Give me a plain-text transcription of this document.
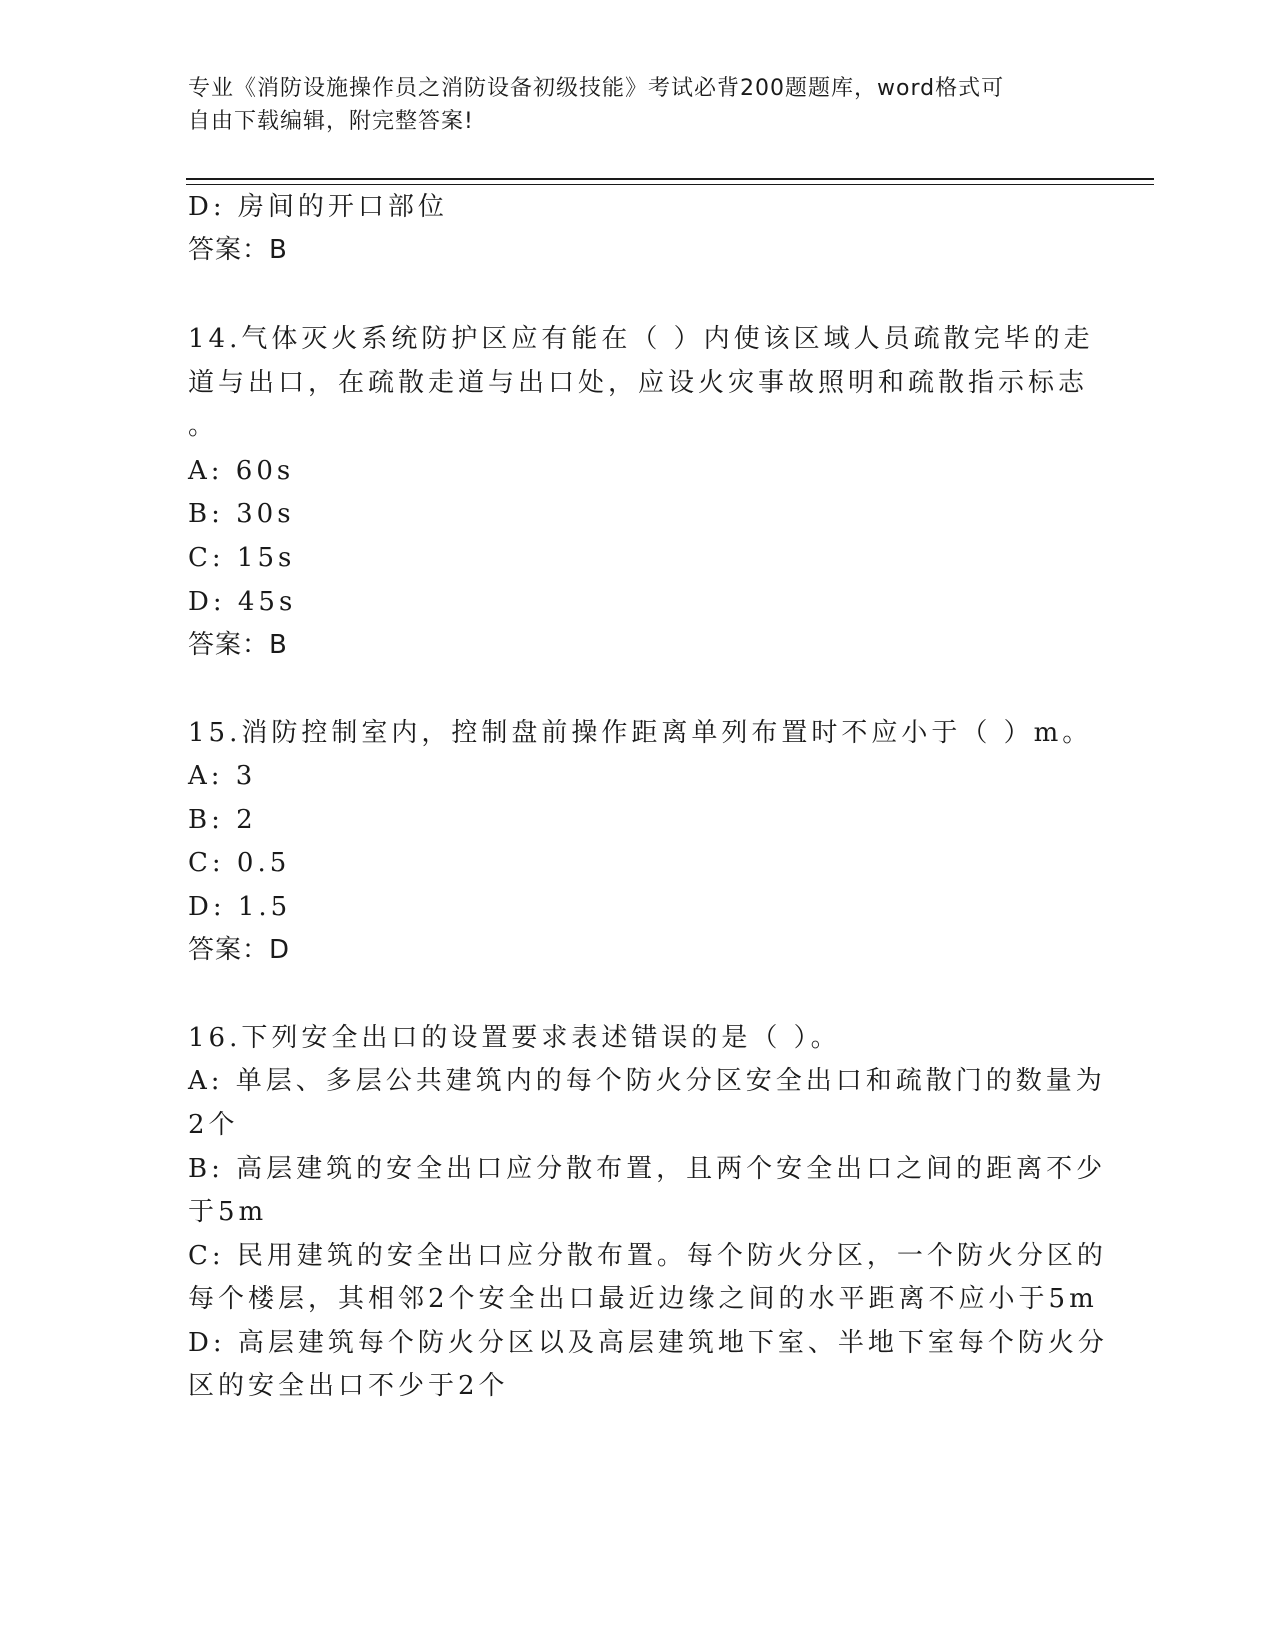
专业《消防设施操作员之消防设备初级技能》考试必背200题题库，word格式可
自由下载编辑，附完整答案!
D: 房间的开口部位
答案：B
14.气体灭火系统防护区应有能在（ ）内使该区域人员疏散完毕的走
道与出口，在疏散走道与出口处，应设火灾事故照明和疏散指示标志
。
A: 60s
B: 30s
C: 15s
D: 45s
答案：B
15.消防控制室内，控制盘前操作距离单列布置时不应小于（ ）m。
A: 3
B: 2
C: 0.5
D: 1.5
答案：D
16.下列安全出口的设置要求表述错误的是（ ）。
A: 单层、多层公共建筑内的每个防火分区安全出口和疏散门的数量为
2个
B: 高层建筑的安全出口应分散布置，且两个安全出口之间的距离不少
于5m
C: 民用建筑的安全出口应分散布置。每个防火分区，一个防火分区的
每个楼层，其相邻2个安全出口最近边缘之间的水平距离不应小于5m
D: 高层建筑每个防火分区以及高层建筑地下室、半地下室每个防火分
区的安全出口不少于2个
